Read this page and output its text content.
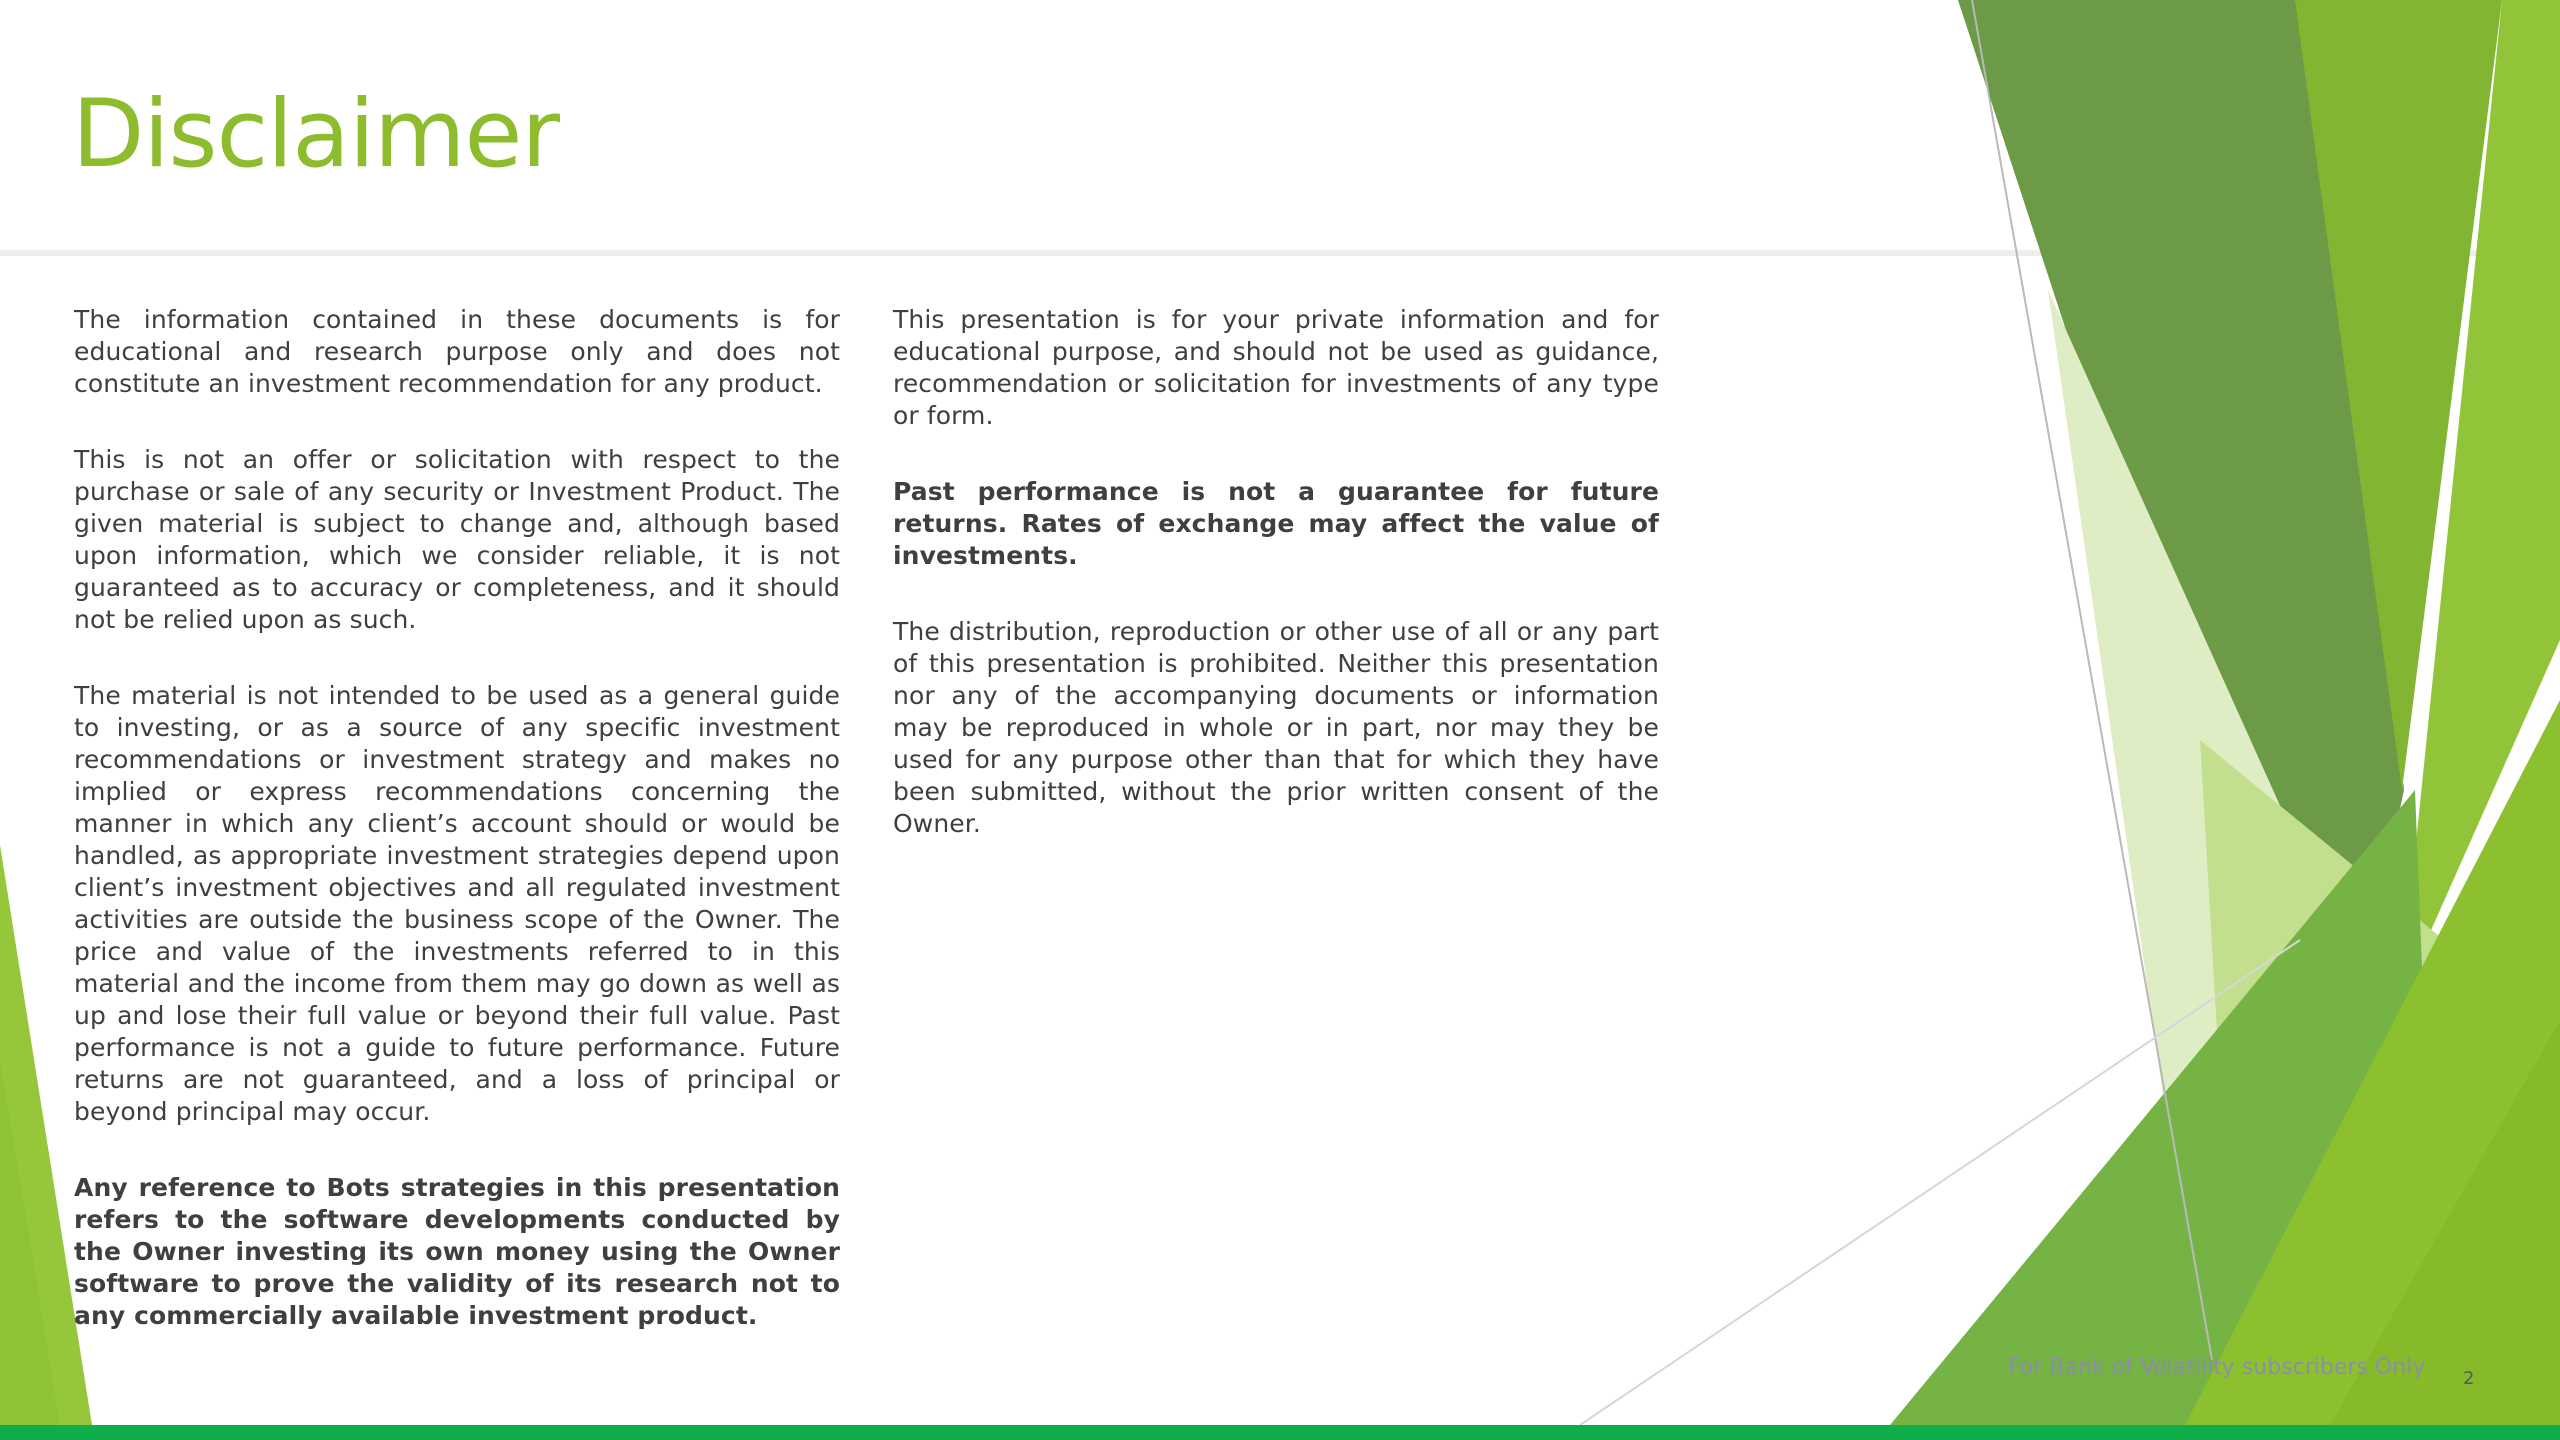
Disclaimer

The information contained in these documents is for educational and research purpose only and does not constitute an investment recommendation for any product.

This is not an offer or solicitation with respect to the purchase or sale of any security or Investment Product. The given material is subject to change and, although based upon information, which we consider reliable, it is not guaranteed as to accuracy or completeness, and it should not be relied upon as such.

The material is not intended to be used as a general guide to investing, or as a source of any specific investment recommendations or investment strategy and makes no implied or express recommendations concerning the manner in which any client’s account should or would be handled, as appropriate investment strategies depend upon client’s investment objectives and all regulated investment activities are outside the business scope of the Owner. The price and value of the investments referred to in this material and the income from them may go down as well as up and lose their full value or beyond their full value. Past performance is not a guide to future performance. Future returns are not guaranteed, and a loss of principal or beyond principal may occur.

Any reference to Bots strategies in this presentation refers to the software developments conducted by the Owner investing its own money using the Owner software to prove the validity of its research not to any commercially available investment product.

This presentation is for your private information and for educational purpose, and should not be used as guidance, recommendation or solicitation for investments of any type or form.

Past performance is not a guarantee for future returns. Rates of exchange may affect the value of investments.

The distribution, reproduction or other use of all or any part of this presentation is prohibited. Neither this presentation nor any of the accompanying documents or information may be reproduced in whole or in part, nor may they be used for any purpose other than that for which they have been submitted, without the prior written consent of the Owner.

For Bank of Volatility subscribers Only 2
